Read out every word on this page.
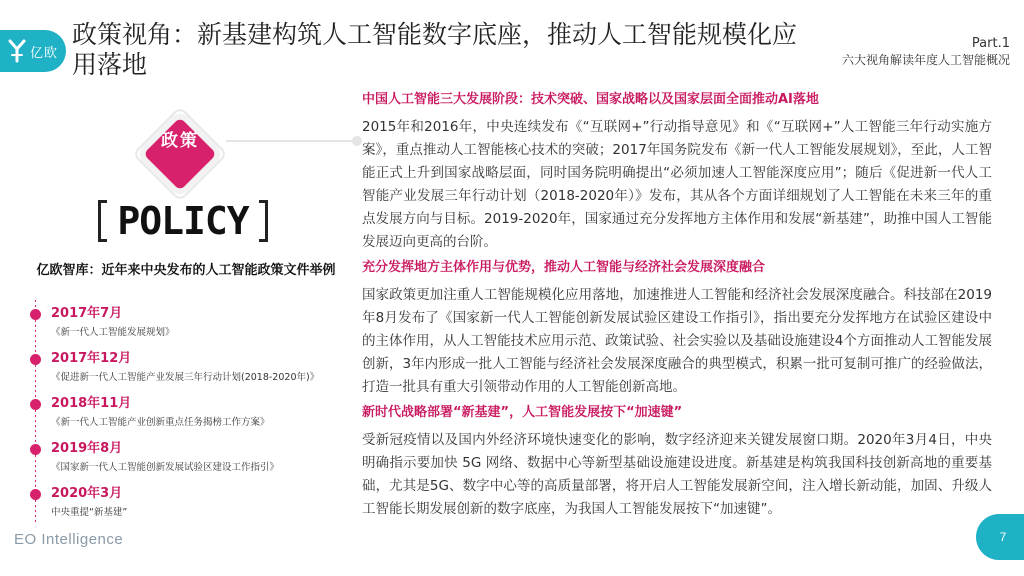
亿欧
政策视角：新基建构筑人工智能数字底座，推动人工智能规模化应用落地
Part.1
六大视角解读年度人工智能概况
政策
POLICY
亿欧智库：近年来中央发布的人工智能政策文件举例
2017年7月
《新一代人工智能发展规划》
2017年12月
《促进新一代人工智能产业发展三年行动计划(2018-2020年)》
2018年11月
《新一代人工智能产业创新重点任务揭榜工作方案》
2019年8月
《国家新一代人工智能创新发展试验区建设工作指引》
2020年3月
中央重提“新基建”
EO Intelligence
中国人工智能三大发展阶段：技术突破、国家战略以及国家层面全面推动AI落地
2015年和2016年，中央连续发布《“互联网+”行动指导意见》和《“互联网+”人工智能三年行动实施方案》，重点推动人工智能核心技术的突破；2017年国务院发布《新一代人工智能发展规划》，至此，人工智能正式上升到国家战略层面，同时国务院明确提出“必须加速人工智能深度应用”；随后《促进新一代人工智能产业发展三年行动计划（2018-2020年）》发布，其从各个方面详细规划了人工智能在未来三年的重点发展方向与目标。2019-2020年，国家通过充分发挥地方主体作用和发展“新基建”，助推中国人工智能发展迈向更高的台阶。
充分发挥地方主体作用与优势，推动人工智能与经济社会发展深度融合
国家政策更加注重人工智能规模化应用落地，加速推进人工智能和经济社会发展深度融合。科技部在2019年8月发布了《国家新一代人工智能创新发展试验区建设工作指引》，指出要充分发挥地方在试验区建设中的主体作用，从人工智能技术应用示范、政策试验、社会实验以及基础设施建设4个方面推动人工智能发展创新，3年内形成一批人工智能与经济社会发展深度融合的典型模式，积累一批可复制可推广的经验做法，打造一批具有重大引领带动作用的人工智能创新高地。
新时代战略部署“新基建”，人工智能发展按下“加速键”
受新冠疫情以及国内外经济环境快速变化的影响，数字经济迎来关键发展窗口期。2020年3月4日，中央明确指示要加快 5G 网络、数据中心等新型基础设施建设进度。新基建是构筑我国科技创新高地的重要基础，尤其是5G、数字中心等的高质量部署，将开启人工智能发展新空间，注入增长新动能，加固、升级人工智能长期发展创新的数字底座，为我国人工智能发展按下“加速键”。
7
